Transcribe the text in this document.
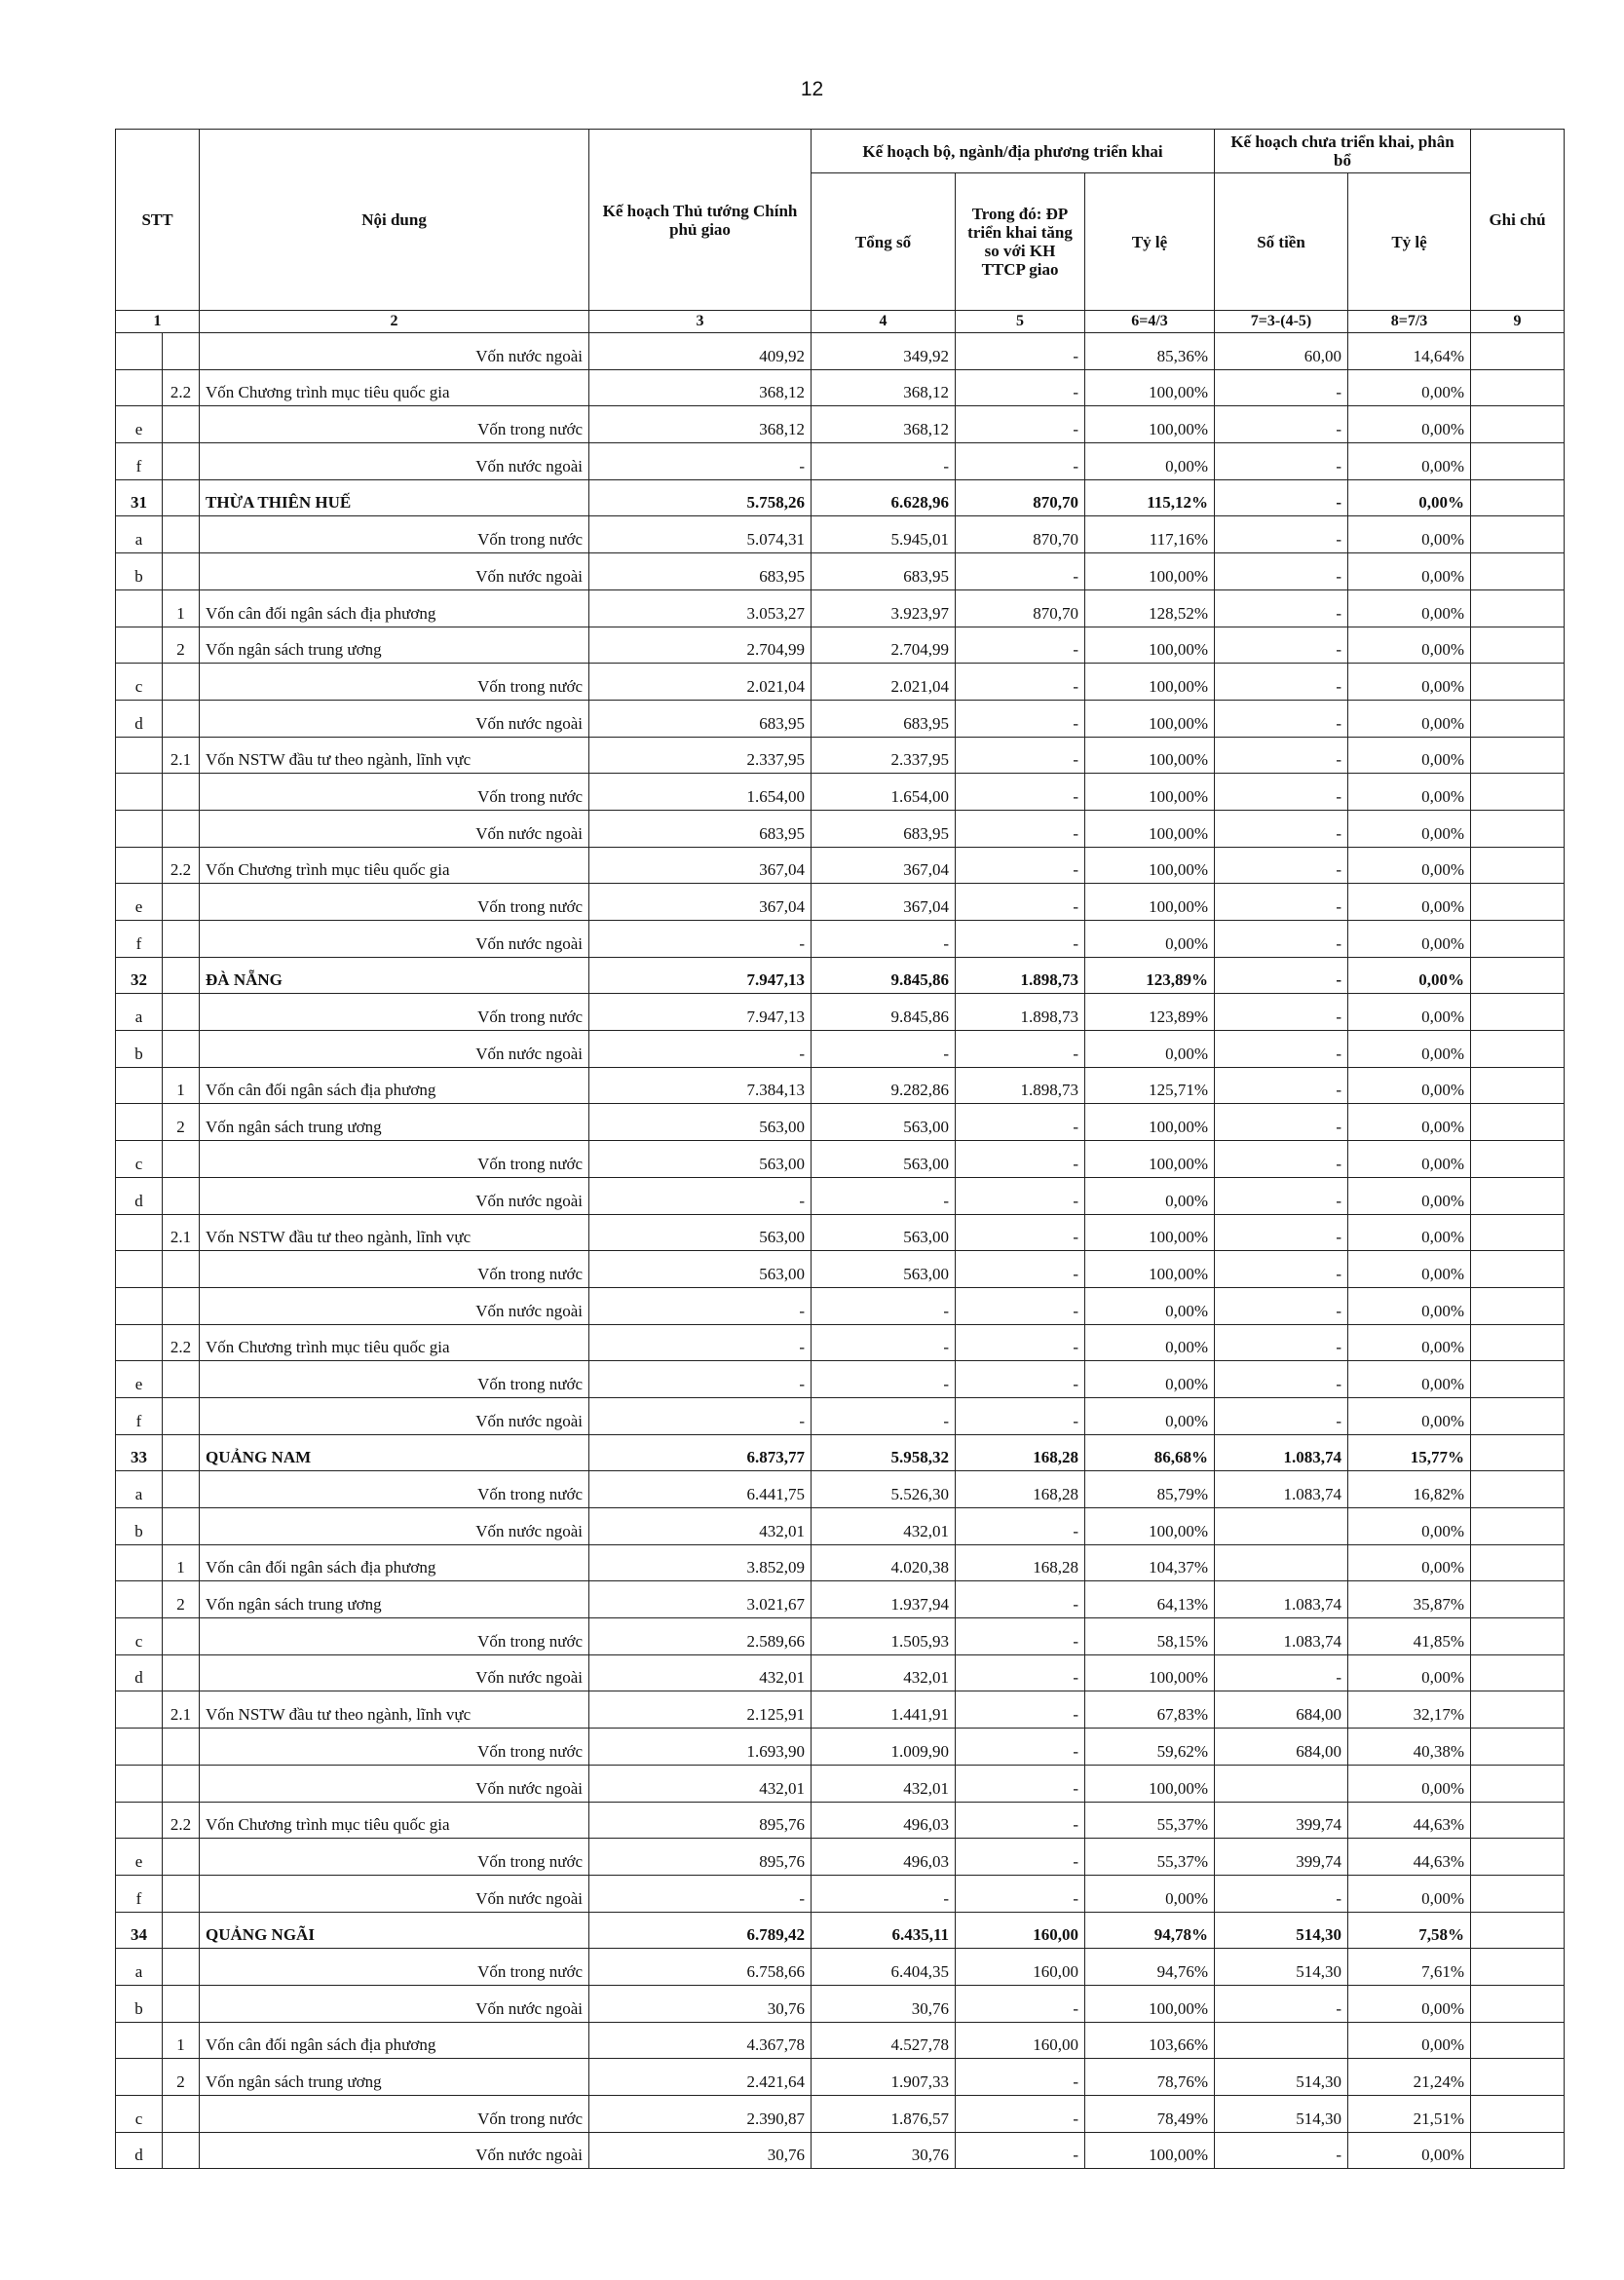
12
STT		Nội dung	Kế hoạch Thủ tướng Chính phủ giao	Kế hoạch bộ, ngành/địa phương triển khai			Kế hoạch chưa triển khai, phân bổ		Ghi chú
				Tổng số	Trong đó: ĐP triển khai tăng so với KH TTCP giao	Tỷ lệ	Số tiền	Tỷ lệ	
1		2	3	4	5	6=4/3	7=3-(4-5)	8=7/3	9
		Vốn nước ngoài	409,92	349,92	-	85,36%	60,00	14,64%	
	2.2	Vốn Chương trình mục tiêu quốc gia	368,12	368,12	-	100,00%	-	0,00%	
e		Vốn trong nước	368,12	368,12	-	100,00%	-	0,00%	
f		Vốn nước ngoài	-	-	-	0,00%	-	0,00%	
31		THỪA THIÊN HUẾ	5.758,26	6.628,96	870,70	115,12%	-	0,00%	
a		Vốn trong nước	5.074,31	5.945,01	870,70	117,16%	-	0,00%	
b		Vốn nước ngoài	683,95	683,95	-	100,00%	-	0,00%	
	1	Vốn cân đối ngân sách địa phương	3.053,27	3.923,97	870,70	128,52%	-	0,00%	
	2	Vốn ngân sách trung ương	2.704,99	2.704,99	-	100,00%	-	0,00%	
c		Vốn trong nước	2.021,04	2.021,04	-	100,00%	-	0,00%	
d		Vốn nước ngoài	683,95	683,95	-	100,00%	-	0,00%	
	2.1	Vốn NSTW đầu tư theo ngành, lĩnh vực	2.337,95	2.337,95	-	100,00%	-	0,00%	
		Vốn trong nước	1.654,00	1.654,00	-	100,00%	-	0,00%	
		Vốn nước ngoài	683,95	683,95	-	100,00%	-	0,00%	
	2.2	Vốn Chương trình mục tiêu quốc gia	367,04	367,04	-	100,00%	-	0,00%	
e		Vốn trong nước	367,04	367,04	-	100,00%	-	0,00%	
f		Vốn nước ngoài	-	-	-	0,00%	-	0,00%	
32		ĐÀ NẴNG	7.947,13	9.845,86	1.898,73	123,89%	-	0,00%	
a		Vốn trong nước	7.947,13	9.845,86	1.898,73	123,89%	-	0,00%	
b		Vốn nước ngoài	-	-	-	0,00%	-	0,00%	
	1	Vốn cân đối ngân sách địa phương	7.384,13	9.282,86	1.898,73	125,71%	-	0,00%	
	2	Vốn ngân sách trung ương	563,00	563,00	-	100,00%	-	0,00%	
c		Vốn trong nước	563,00	563,00	-	100,00%	-	0,00%	
d		Vốn nước ngoài	-	-	-	0,00%	-	0,00%	
	2.1	Vốn NSTW đầu tư theo ngành, lĩnh vực	563,00	563,00	-	100,00%	-	0,00%	
		Vốn trong nước	563,00	563,00	-	100,00%	-	0,00%	
		Vốn nước ngoài	-	-	-	0,00%	-	0,00%	
	2.2	Vốn Chương trình mục tiêu quốc gia	-	-	-	0,00%	-	0,00%	
e		Vốn trong nước	-	-	-	0,00%	-	0,00%	
f		Vốn nước ngoài	-	-	-	0,00%	-	0,00%	
33		QUẢNG NAM	6.873,77	5.958,32	168,28	86,68%	1.083,74	15,77%	
a		Vốn trong nước	6.441,75	5.526,30	168,28	85,79%	1.083,74	16,82%	
b		Vốn nước ngoài	432,01	432,01	-	100,00%		0,00%	
	1	Vốn cân đối ngân sách địa phương	3.852,09	4.020,38	168,28	104,37%		0,00%	
	2	Vốn ngân sách trung ương	3.021,67	1.937,94	-	64,13%	1.083,74	35,87%	
c		Vốn trong nước	2.589,66	1.505,93	-	58,15%	1.083,74	41,85%	
d		Vốn nước ngoài	432,01	432,01	-	100,00%	-	0,00%	
	2.1	Vốn NSTW đầu tư theo ngành, lĩnh vực	2.125,91	1.441,91	-	67,83%	684,00	32,17%	
		Vốn trong nước	1.693,90	1.009,90	-	59,62%	684,00	40,38%	
		Vốn nước ngoài	432,01	432,01	-	100,00%		0,00%	
	2.2	Vốn Chương trình mục tiêu quốc gia	895,76	496,03	-	55,37%	399,74	44,63%	
e		Vốn trong nước	895,76	496,03	-	55,37%	399,74	44,63%	
f		Vốn nước ngoài	-	-	-	0,00%	-	0,00%	
34		QUẢNG NGÃI	6.789,42	6.435,11	160,00	94,78%	514,30	7,58%	
a		Vốn trong nước	6.758,66	6.404,35	160,00	94,76%	514,30	7,61%	
b		Vốn nước ngoài	30,76	30,76	-	100,00%	-	0,00%	
	1	Vốn cân đối ngân sách địa phương	4.367,78	4.527,78	160,00	103,66%		0,00%	
	2	Vốn ngân sách trung ương	2.421,64	1.907,33	-	78,76%	514,30	21,24%	
c		Vốn trong nước	2.390,87	1.876,57	-	78,49%	514,30	21,51%	
d		Vốn nước ngoài	30,76	30,76	-	100,00%	-	0,00%	
